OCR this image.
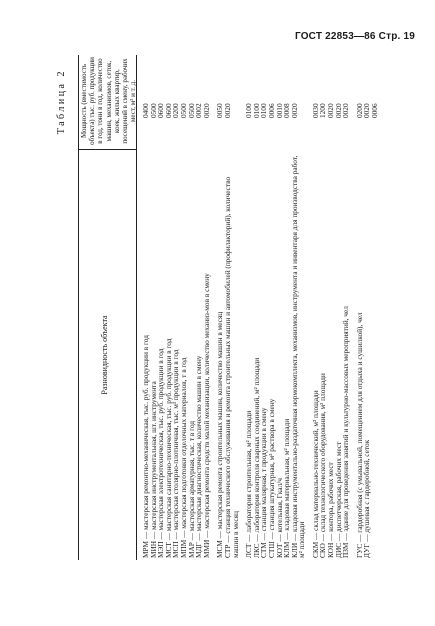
ГОСТ 22853—86 Стр. 19
Таблица 2
Разновидность объекта
Мощность (вместимость объекта) тыс. руб. продукции в год, тонн в год, количество машин, механизмов, сеток, коек, жилых квартир, посещений в смену, рабочих мест, м² и т. д.
МРМ — мастерская ремонтно-механическая, тыс. руб. продукции в год
0400
МИН — мастерская инструментальная, шт. инструмента
0500
МЭП — мастерская электротехническая, тыс. руб. продукции в год
0600
МСТ — мастерская санитарно-техническая, тыс. руб. продукции в год
0600
МСП — мастерская столярно-плотничная, тыс. м³ продукции в год
0200
МПМ — мастерская подготовки отделочных материалов, т в год
0500
МАР — мастерская арматурная, тыс. т в год
0500
МДГ — мастерская диагностическая, количество машин в смену
0002
ММИ — мастерская ремонта средств малой механизации, количество механиз-мов в смену
0020
МСМ — мастерская ремонта строительных машин, количество машин в месяц
0050
СТР — станция технического обслуживания и ремонта строительных машин и автомобилей (профилакторий), количество машин в месяц
0020
ЛСТ — лаборатория строительная, м² площади
0100
ЛКС — лаборатория контроля сварных соединений, м² площади
0100
СТМ — станция малярная, т продукции в смену
0100
СТШ — станция штукатурная, м³ раствора в смену
0006
КОТ — котельная, Гкал/ч
0010
КЛМ — кладовая материальная, м² площади
0008
КЛИ — кладовая инструментально-раздаточная нормокомплекта, механизмов, инструмента и инвентаря для производства работ, м² площади
0020
СКМ — склад материально-технический, м² площади
0030
СКО — склад технологического оборудования, м² площади
1200
КОН — контора, рабочих мест
0020
ДИС — диспетчерская, рабочих мест
0020
ПЗМ — здание для проведения занятий и культурно-массовых мероприятий, чел
0020
ГУС — гардеробная (с умывальной, помещением для отдыха и сушилкой), чел
0200
ДУГ — душевая с гардеробной, сеток
0020

0006
